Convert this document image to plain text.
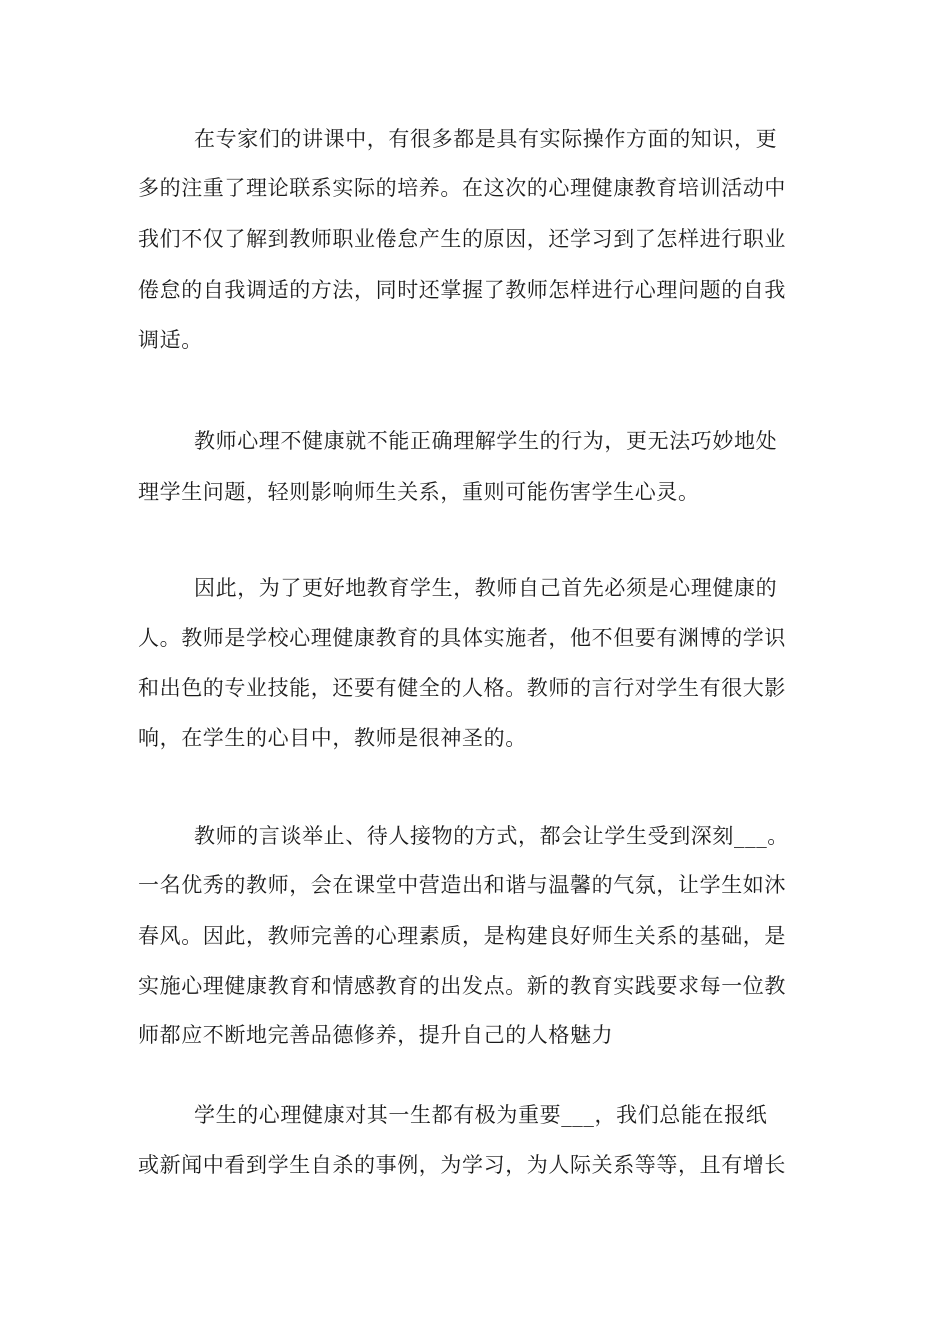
在专家们的讲课中，有很多都是具有实际操作方面的知识，更

多的注重了理论联系实际的培养。在这次的心理健康教育培训活动中

我们不仅了解到教师职业倦怠产生的原因，还学习到了怎样进行职业

倦怠的自我调适的方法，同时还掌握了教师怎样进行心理问题的自我

调适。

教师心理不健康就不能正确理解学生的行为，更无法巧妙地处

理学生问题，轻则影响师生关系，重则可能伤害学生心灵。

因此，为了更好地教育学生，教师自己首先必须是心理健康的

人。教师是学校心理健康教育的具体实施者，他不但要有渊博的学识

和出色的专业技能，还要有健全的人格。教师的言行对学生有很大影

响，在学生的心目中，教师是很神圣的。

教师的言谈举止、待人接物的方式，都会让学生受到深刻___。

一名优秀的教师，会在课堂中营造出和谐与温馨的气氛，让学生如沐

春风。因此，教师完善的心理素质，是构建良好师生关系的基础，是

实施心理健康教育和情感教育的出发点。新的教育实践要求每一位教

师都应不断地完善品德修养，提升自己的人格魅力

学生的心理健康对其一生都有极为重要___，我们总能在报纸

或新闻中看到学生自杀的事例，为学习，为人际关系等等，且有增长
